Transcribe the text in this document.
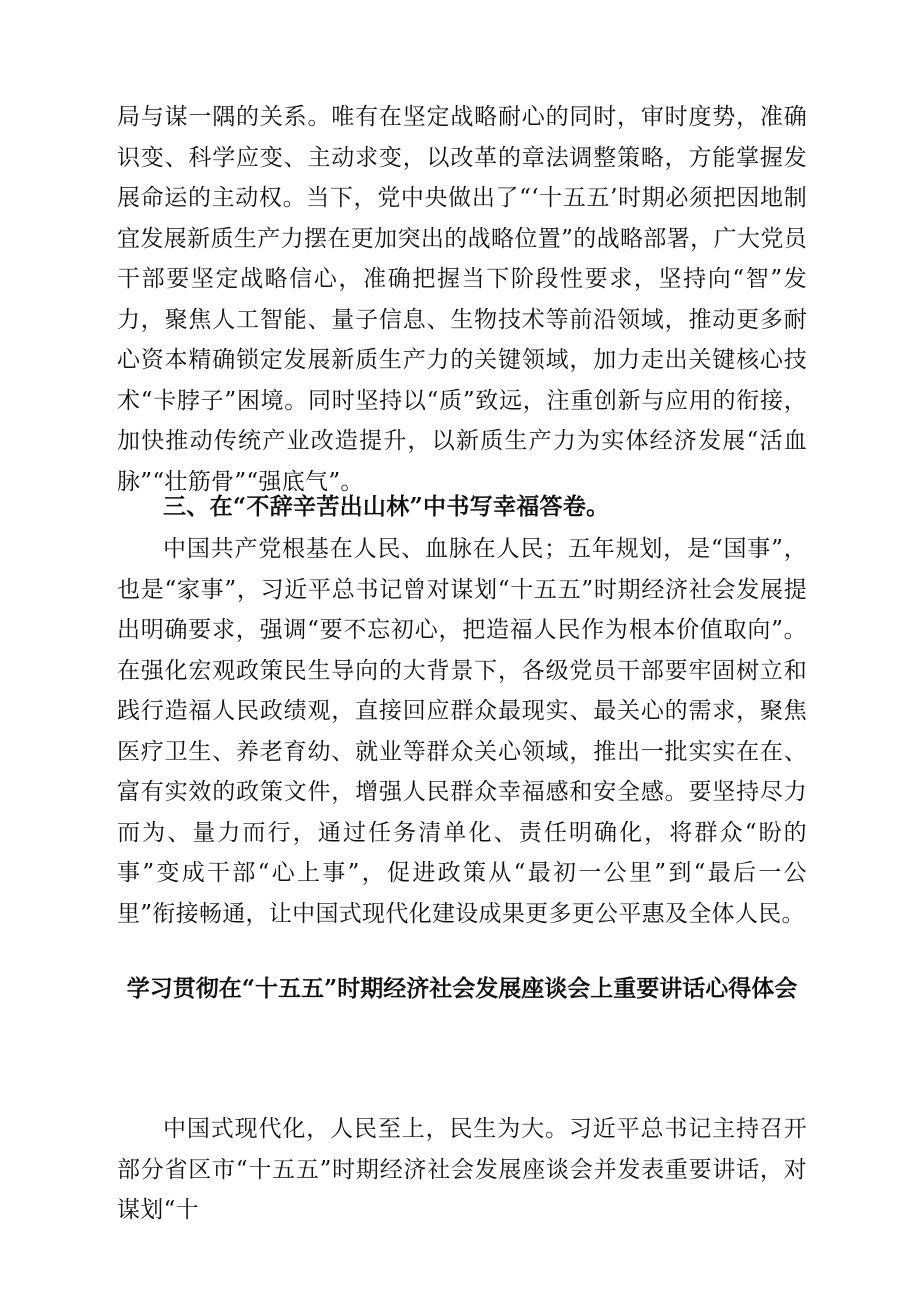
局与谋一隅的关系。唯有在坚定战略耐心的同时，审时度势，准确识变、科学应变、主动求变，以改革的章法调整策略，方能掌握发展命运的主动权。当下，党中央做出了“‘十五五’时期必须把因地制宜发展新质生产力摆在更加突出的战略位置”的战略部署，广大党员干部要坚定战略信心，准确把握当下阶段性要求，坚持向“智”发力，聚焦人工智能、量子信息、生物技术等前沿领域，推动更多耐心资本精确锁定发展新质生产力的关键领域，加力走出关键核心技术“卡脖子”困境。同时坚持以“质”致远，注重创新与应用的衔接，加快推动传统产业改造提升，以新质生产力为实体经济发展“活血脉”“壮筋骨”“强底气”。

三、在“不辞辛苦出山林”中书写幸福答卷。

中国共产党根基在人民、血脉在人民；五年规划，是“国事”，也是“家事”，习近平总书记曾对谋划“十五五”时期经济社会发展提出明确要求，强调“要不忘初心，把造福人民作为根本价值取向”。在强化宏观政策民生导向的大背景下，各级党员干部要牢固树立和践行造福人民政绩观，直接回应群众最现实、最关心的需求，聚焦医疗卫生、养老育幼、就业等群众关心领域，推出一批实实在在、富有实效的政策文件，增强人民群众幸福感和安全感。要坚持尽力而为、量力而行，通过任务清单化、责任明确化，将群众“盼的事”变成干部“心上事”，促进政策从“最初一公里”到“最后一公里”衔接畅通，让中国式现代化建设成果更多更公平惠及全体人民。

学习贯彻在“十五五”时期经济社会发展座谈会上重要讲话心得体会

中国式现代化，人民至上，民生为大。习近平总书记主持召开部分省区市“十五五”时期经济社会发展座谈会并发表重要讲话，对谋划“十
